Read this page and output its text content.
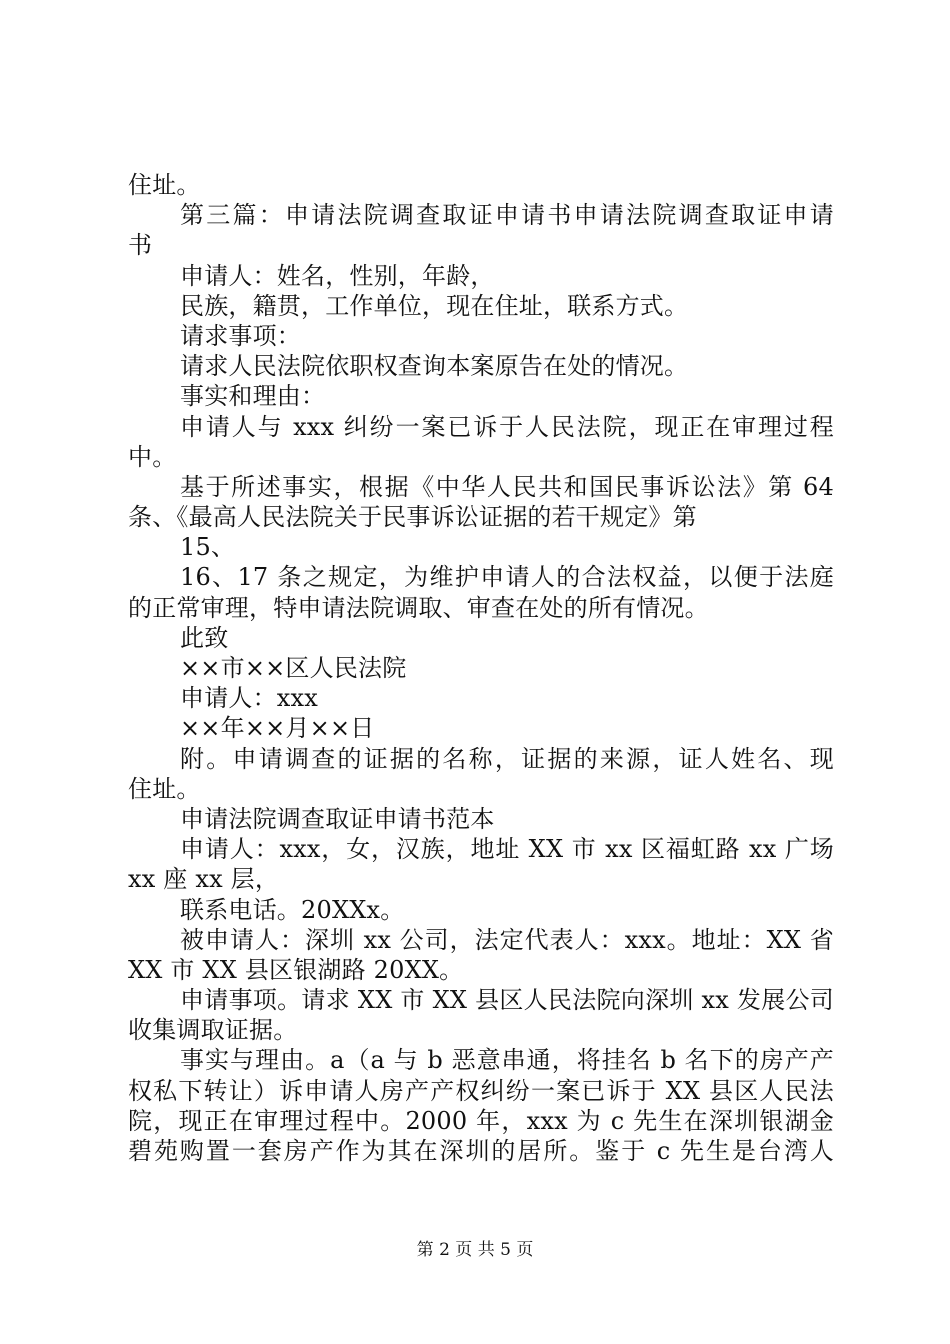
住址。
第三篇：申请法院调查取证申请书申请法院调查取证申请
书
申请人：姓名，性别，年龄，
民族，籍贯，工作单位，现在住址，联系方式。
请求事项：
请求人民法院依职权查询本案原告在处的情况。
事实和理由：
申请人与 xxx 纠纷一案已诉于人民法院，现正在审理过程
中。
基于所述事实，根据《中华人民共和国民事诉讼法》第 64
条、《最高人民法院关于民事诉讼证据的若干规定》第
15、
16、17 条之规定，为维护申请人的合法权益，以便于法庭
的正常审理，特申请法院调取、审查在处的所有情况。
此致
××市××区人民法院
申请人：xxx
××年××月××日
附。申请调查的证据的名称，证据的来源，证人姓名、现
住址。
申请法院调查取证申请书范本
申请人：xxx，女，汉族，地址 XX 市 xx 区福虹路 xx 广场
xx 座 xx 层，
联系电话。20XXx。
被申请人：深圳 xx 公司，法定代表人：xxx。地址：XX 省
XX 市 XX 县区银湖路 20XX。
申请事项。请求 XX 市 XX 县区人民法院向深圳 xx 发展公司
收集调取证据。
事实与理由。a（a 与 b 恶意串通，将挂名 b 名下的房产产
权私下转让）诉申请人房产产权纠纷一案已诉于 XX 县区人民法
院，现正在审理过程中。2000 年，xxx 为 c 先生在深圳银湖金
碧苑购置一套房产作为其在深圳的居所。鉴于 c 先生是台湾人
第 2 页 共 5 页
